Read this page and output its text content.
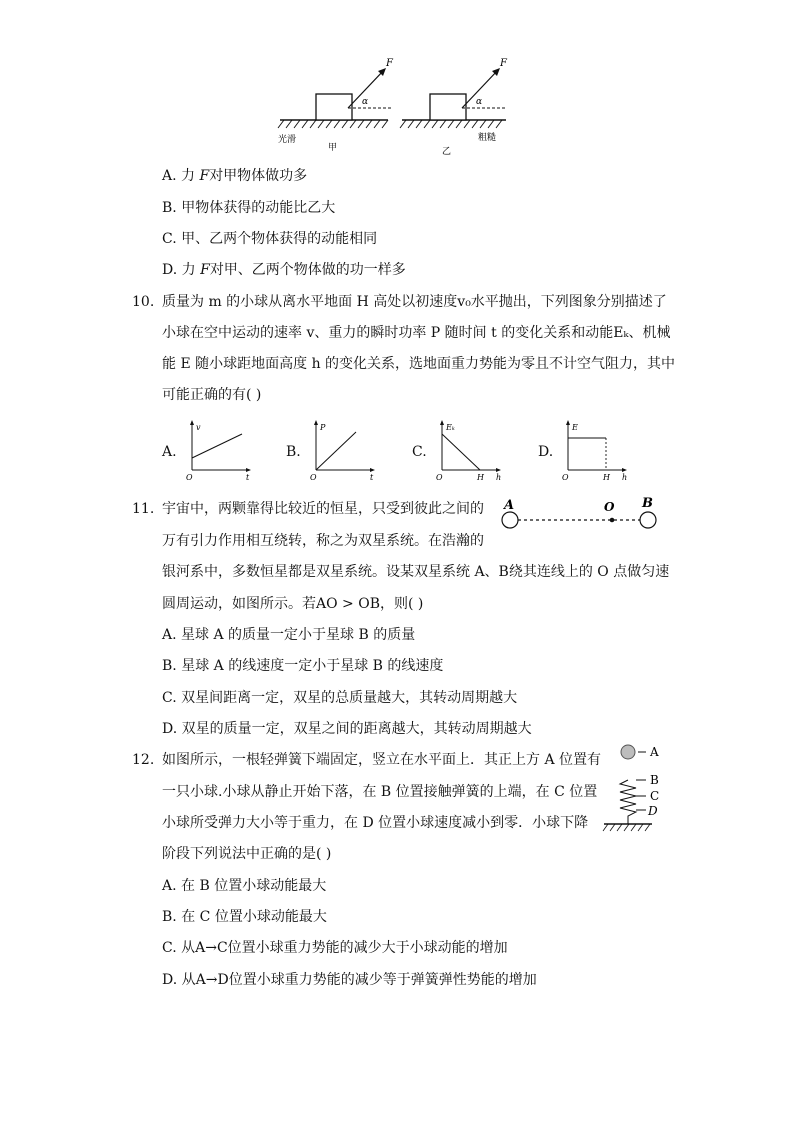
F
α
光滑
甲
F
α
粗糙
乙
A. 力 F对甲物体做功多
B. 甲物体获得的动能比乙大
C. 甲、乙两个物体获得的动能相同
D. 力 F对甲、乙两个物体做的功一样多
10. 质量为 m 的小球从离水平地面 H 高处以初速度v₀水平抛出，下列图象分别描述了
小球在空中运动的速率 v、重力的瞬时功率 P 随时间 t 的变化关系和动能Eₖ、机械
能 E 随小球距地面高度 h 的变化关系，选地面重力势能为零且不计空气阻力，其中
可能正确的有( )
A.
v
t
O
B.
P
t
O
C.
Eₖ
h
O	H
D.
E
h
O	H
11. 宇宙中，两颗靠得比较近的恒星，只受到彼此之间的
万有引力作用相互绕转，称之为双星系统。在浩瀚的
银河系中，多数恒星都是双星系统。设某双星系统 A、B绕其连线上的 O 点做匀速
圆周运动，如图所示。若AO > OB，则( )
A	O B
A. 星球 A 的质量一定小于星球 B 的质量
B. 星球 A 的线速度一定小于星球 B 的线速度
C. 双星间距离一定，双星的总质量越大，其转动周期越大
D. 双星的质量一定，双星之间的距离越大，其转动周期越大
12. 如图所示，一根轻弹簧下端固定，竖立在水平面上．其正上方 A 位置有
一只小球.小球从静止开始下落，在 B 位置接触弹簧的上端，在 C 位置
小球所受弹力大小等于重力，在 D 位置小球速度减小到零．小球下降
阶段下列说法中正确的是( )
A
B
C
D
A. 在 B 位置小球动能最大
B. 在 C 位置小球动能最大
C. 从A→C位置小球重力势能的减少大于小球动能的增加
D. 从A→D位置小球重力势能的减少等于弹簧弹性势能的增加
